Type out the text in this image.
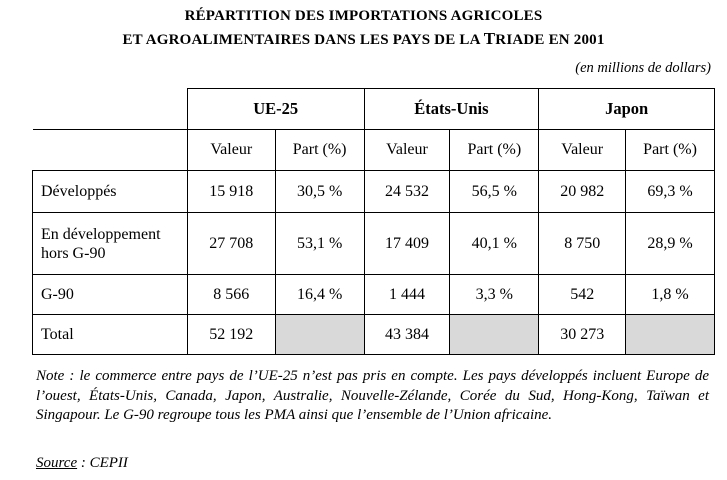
RÉPARTITION DES IMPORTATIONS AGRICOLES
ET AGROALIMENTAIRES DANS LES PAYS DE LA TRIADE EN 2001
(en millions de dollars)
	UE-25		États-Unis		Japon	
	Valeur	Part (%)	Valeur	Part (%)	Valeur	Part (%)
Développés	15 918	30,5 %	24 532	56,5 %	20 982	69,3 %
En développement
hors G-90	27 708	53,1 %	17 409	40,1 %	8 750	28,9 %
G-90	8 566	16,4 %	1 444	3,3 %	542	1,8 %
Total	52 192		43 384		30 273	
Note : le commerce entre pays de l’UE-25 n’est pas pris en compte. Les pays développés incluent Europe de l’ouest, États-Unis, Canada, Japon, Australie, Nouvelle-Zélande, Corée du Sud, Hong-Kong, Taïwan et Singapour. Le G-90 regroupe tous les PMA ainsi que l’ensemble de l’Union africaine.
Source : CEPII
